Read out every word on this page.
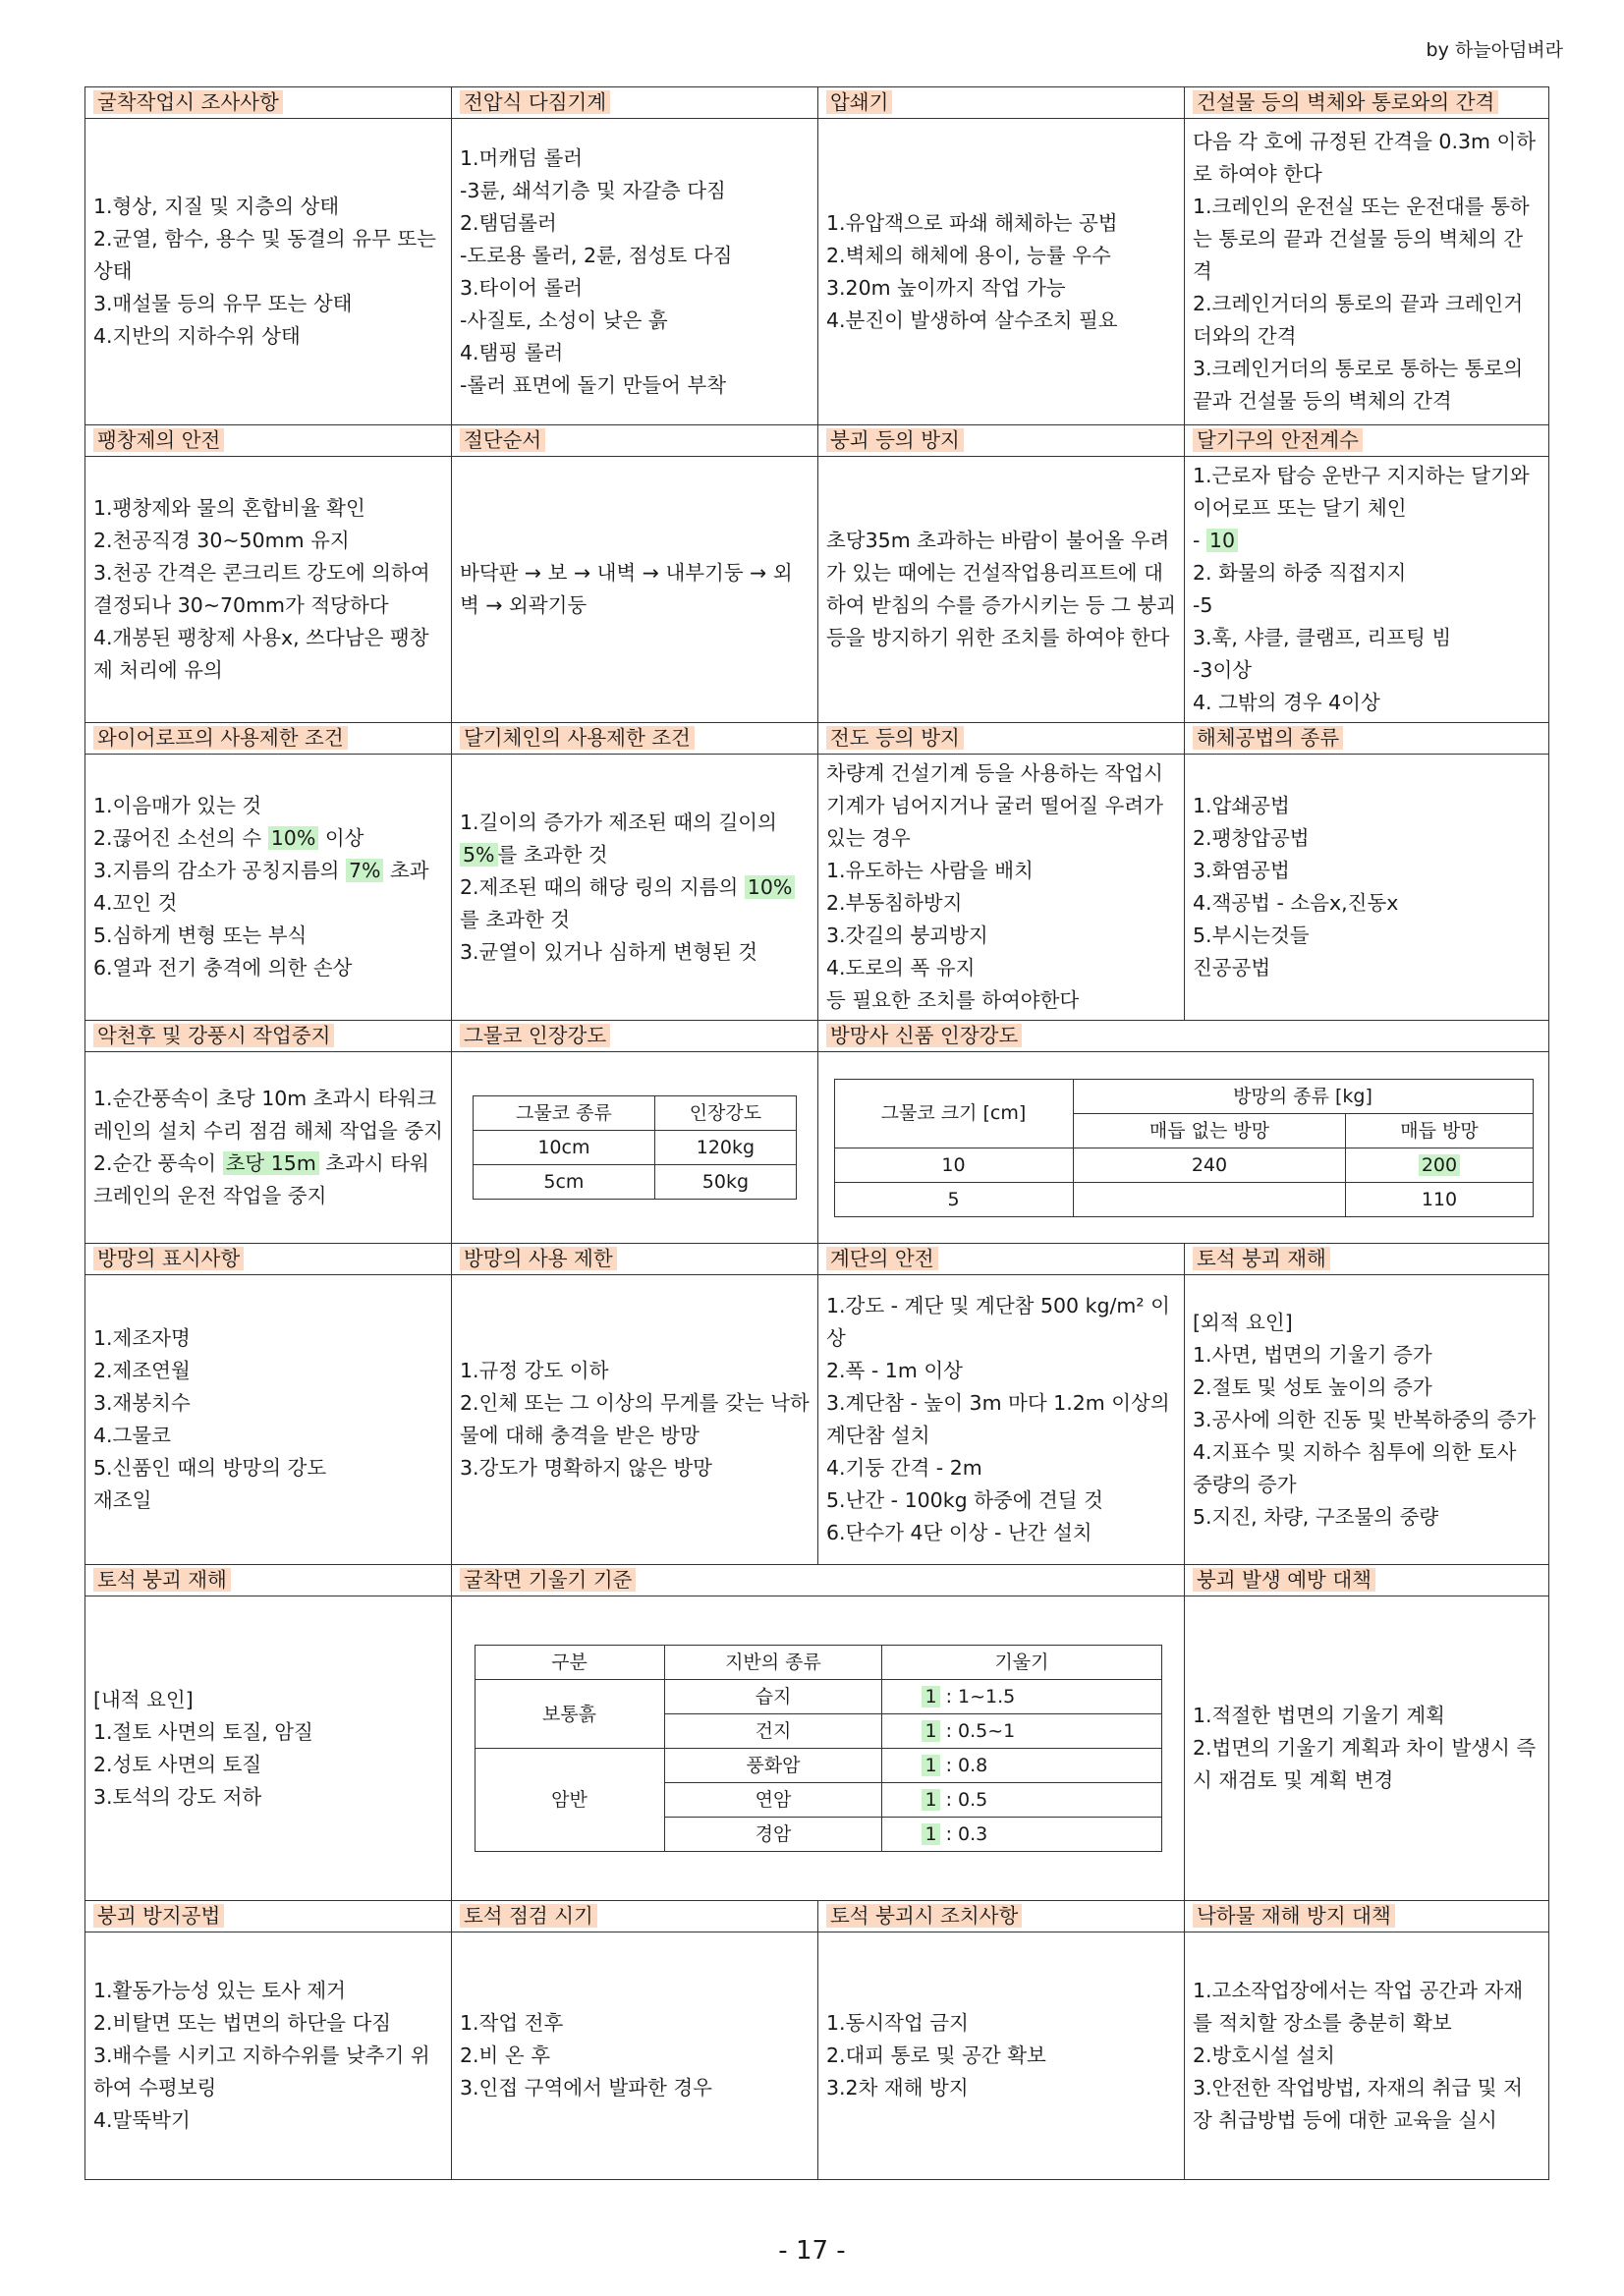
by 하늘아덤벼라
굴착작업시 조사사항	전압식 다짐기계	압쇄기	건설물 등의 벽체와 통로와의 간격

1.형상, 지질 및 지층의 상태
2.균열, 함수, 용수 및 동결의 유무 또는 상태
3.매설물 등의 유무 또는 상태
4.지반의 지하수위 상태

1.머캐덤 롤러
-3륜, 쇄석기층 및 자갈층 다짐
2.탬덤롤러
-도로용 롤러, 2륜, 점성토 다짐
3.타이어 롤러
-사질토, 소성이 낮은 흙
4.탬핑 롤러
-롤러 표면에 돌기 만들어 부착

1.유압잭으로 파쇄 해체하는 공법
2.벽체의 해체에 용이, 능률 우수
3.20m 높이까지 작업 가능
4.분진이 발생하여 살수조치 필요

다음 각 호에 규정된 간격을 0.3m 이하로 하여야 한다
1.크레인의 운전실 또는 운전대를 통하는 통로의 끝과 건설물 등의 벽체의 간격
2.크레인거더의 통로의 끝과 크레인거더와의 간격
3.크레인거더의 통로로 통하는 통로의 끝과 건설물 등의 벽체의 간격

팽창제의 안전	절단순서	붕괴 등의 방지	달기구의 안전계수

1.팽창제와 물의 혼합비율 확인
2.천공직경 30~50mm 유지
3.천공 간격은 콘크리트 강도에 의하여 결정되나 30~70mm가 적당하다
4.개봉된 팽창제 사용x, 쓰다남은 팽창제 처리에 유의

바닥판 → 보 → 내벽 → 내부기둥 → 외벽 → 외곽기둥

초당35m 초과하는 바람이 불어올 우려가 있는 때에는 건설작업용리프트에 대하여 받침의 수를 증가시키는 등 그 붕괴 등을 방지하기 위한 조치를 하여야 한다

1.근로자 탑승 운반구 지지하는 달기와이어로프 또는 달기 체인
- 10
2. 화물의 하중 직접지지
-5
3.훅, 샤클, 클램프, 리프팅 빔
-3이상
4. 그밖의 경우 4이상

와이어로프의 사용제한 조건	달기체인의 사용제한 조건	전도 등의 방지	해체공법의 종류

1.이음매가 있는 것
2.끊어진 소선의 수 10% 이상
3.지름의 감소가 공칭지름의 7% 초과
4.꼬인 것
5.심하게 변형 또는 부식
6.열과 전기 충격에 의한 손상

1.길이의 증가가 제조된 때의 길이의 5% 를 초과한 것
2.제조된 때의 해당 링의 지름의 10%를 초과한 것
3.균열이 있거나 심하게 변형된 것

차량계 건설기계 등을 사용하는 작업시 기계가 넘어지거나 굴러 떨어질 우려가 있는 경우
1.유도하는 사람을 배치
2.부동침하방지
3.갓길의 붕괴방지
4.도로의 폭 유지
등 필요한 조치를 하여야한다

1.압쇄공법
2.팽창압공법
3.화염공법
4.잭공법 - 소음x,진동x
5.부시는것들
진공공법

악천후 및 강풍시 작업중지	그물코 인장강도	방망사 신품 인장강도

1.순간풍속이 초당 10m 초과시 타워크레인의 설치 수리 점검 해체 작업을 중지
2.순간 풍속이 초당 15m 초과시 타워크레인의 운전 작업을 중지

그물코 종류	인장강도
10cm	120kg
5cm	50kg

그물코 크기 [cm]	방망의 종류 [kg]
매듭 없는 방망	매듭 방망
10	240	200
5		110

방망의 표시사항	방망의 사용 제한	계단의 안전	토석 붕괴 재해

1.제조자명
2.제조연월
3.재봉치수
4.그물코
5.신품인 때의 방망의 강도
재조일

1.규정 강도 이하
2.인체 또는 그 이상의 무게를 갖는 낙하물에 대해 충격을 받은 방망
3.강도가 명확하지 않은 방망

1.강도 - 계단 및 계단참 500 kg/m² 이상
2.폭 - 1m 이상
3.계단참 - 높이 3m 마다 1.2m 이상의 계단참 설치
4.기둥 간격 - 2m
5.난간 - 100kg 하중에 견딜 것
6.단수가 4단 이상 - 난간 설치

[외적 요인]
1.사면, 법면의 기울기 증가
2.절토 및 성토 높이의 증가
3.공사에 의한 진동 및 반복하중의 증가
4.지표수 및 지하수 침투에 의한 토사 중량의 증가
5.지진, 차량, 구조물의 중량

토석 붕괴 재해	굴착면 기울기 기준	붕괴 발생 예방 대책

[내적 요인]
1.절토 사면의 토질, 암질
2.성토 사면의 토질
3.토석의 강도 저하

구분	지반의 종류	기울기
보통흙	습지	1 : 1~1.5
건지	1 : 0.5~1
암반	풍화암	1 : 0.8
연암	1 : 0.5
경암	1 : 0.3

1.적절한 법면의 기울기 계획
2.법면의 기울기 계획과 차이 발생시 즉시 재검토 및 계획 변경

붕괴 방지공법	토석 점검 시기	토석 붕괴시 조치사항	낙하물 재해 방지 대책

1.활동가능성 있는 토사 제거
2.비탈면 또는 법면의 하단을 다짐
3.배수를 시키고 지하수위를 낮추기 위하여 수평보링
4.말뚝박기

1.작업 전후
2.비 온 후
3.인접 구역에서 발파한 경우

1.동시작업 금지
2.대피 통로 및 공간 확보
3.2차 재해 방지

1.고소작업장에서는 작업 공간과 자재를 적치할 장소를 충분히 확보
2.방호시설 설치
3.안전한 작업방법, 자재의 취급 및 저장 취급방법 등에 대한 교육을 실시
- 17 -
